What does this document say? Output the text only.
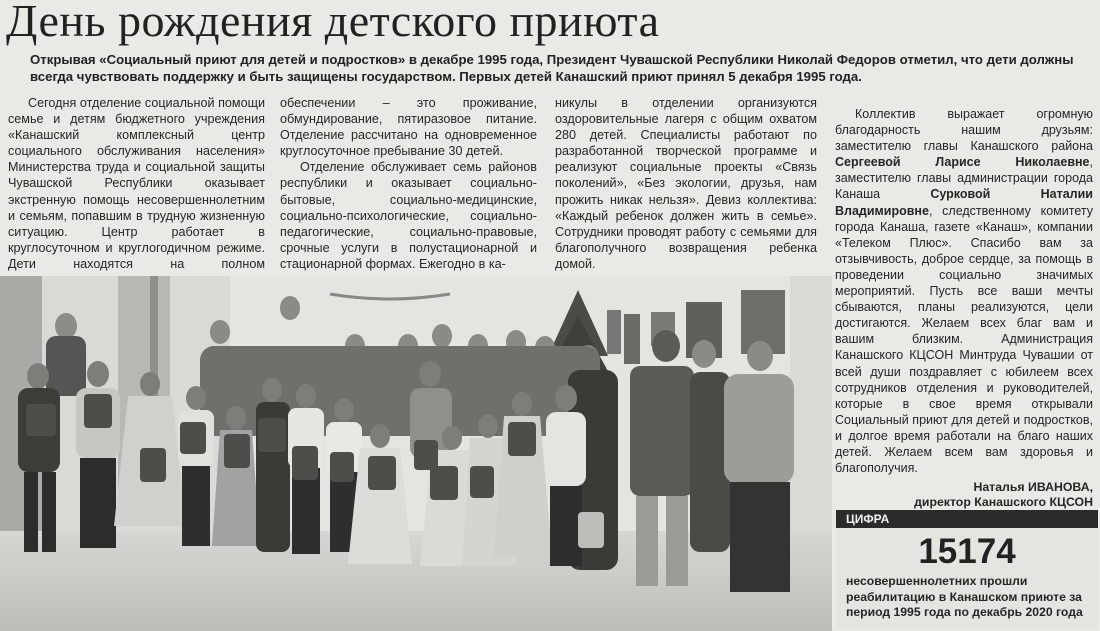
День рождения детского приюта
Открывая «Социальный приют для детей и подростков» в декабре 1995 года, Президент Чувашской Республики Николай Федоров отметил, что дети должны всегда чувствовать поддержку и быть защищены государством. Первых детей Канашский приют принял 5 декабря 1995 года.

Сегодня отделение социальной помощи семье и детям бюджетного учреждения «Канашский комплексный центр социального обслуживания населения» Министерства труда и социальной защиты Чувашской Республики оказывает экстренную помощь несовершеннолетним и семьям, попавшим в трудную жизненную ситуацию. Центр работает в круглосуточном и круглогодичном режиме. Дети находятся на полном

обеспечении – это проживание, обмундирование, пятиразовое питание. Отделение рассчитано на одновременное круглосуточное пребывание 30 детей.

Отделение обслуживает семь районов республики и оказывает социально-бытовые, социально-медицинские, социально-психологические, социально-педагогические, социально-правовые, срочные услуги в полустационарной и стационарной формах. Ежегодно в ка-

никулы в отделении организуются оздоровительные лагеря с общим охватом 280 детей. Специалисты работают по разработанной творческой программе и реализуют социальные проекты «Связь поколений», «Без экологии, друзья, нам прожить никак нельзя». Девиз коллектива: «Каждый ребенок должен жить в семье». Сотрудники проводят работу с семьями для благополучного возвращения ребенка домой.

Коллектив выражает огромную благодарность нашим друзьям: заместителю главы Канашского района Сергеевой Ларисе Николаевне, заместителю главы администрации города Канаша Сурковой Наталии Владимировне, следственному комитету города Канаша, газете «Канаш», компании «Телеком Плюс». Спасибо вам за отзывчивость, доброе сердце, за помощь в проведении социально значимых мероприятий. Пусть все ваши мечты сбываются, планы реализуются, цели достигаются. Желаем всех благ вам и вашим близким. Администрация Канашского КЦСОН Минтруда Чувашии от всей души поздравляет с юбилеем всех сотрудников отделения и руководителей, которые в свое время открывали Социальный приют для детей и подростков, и долгое время работали на благо наших детей. Желаем всем вам здоровья и благополучия.

Наталья ИВАНОВА,
директор Канашского КЦСОН
ЦИФРА
15174
несовершеннолетних прошли реабилитацию в Канашском приюте за период 1995 года по декабрь 2020 года
